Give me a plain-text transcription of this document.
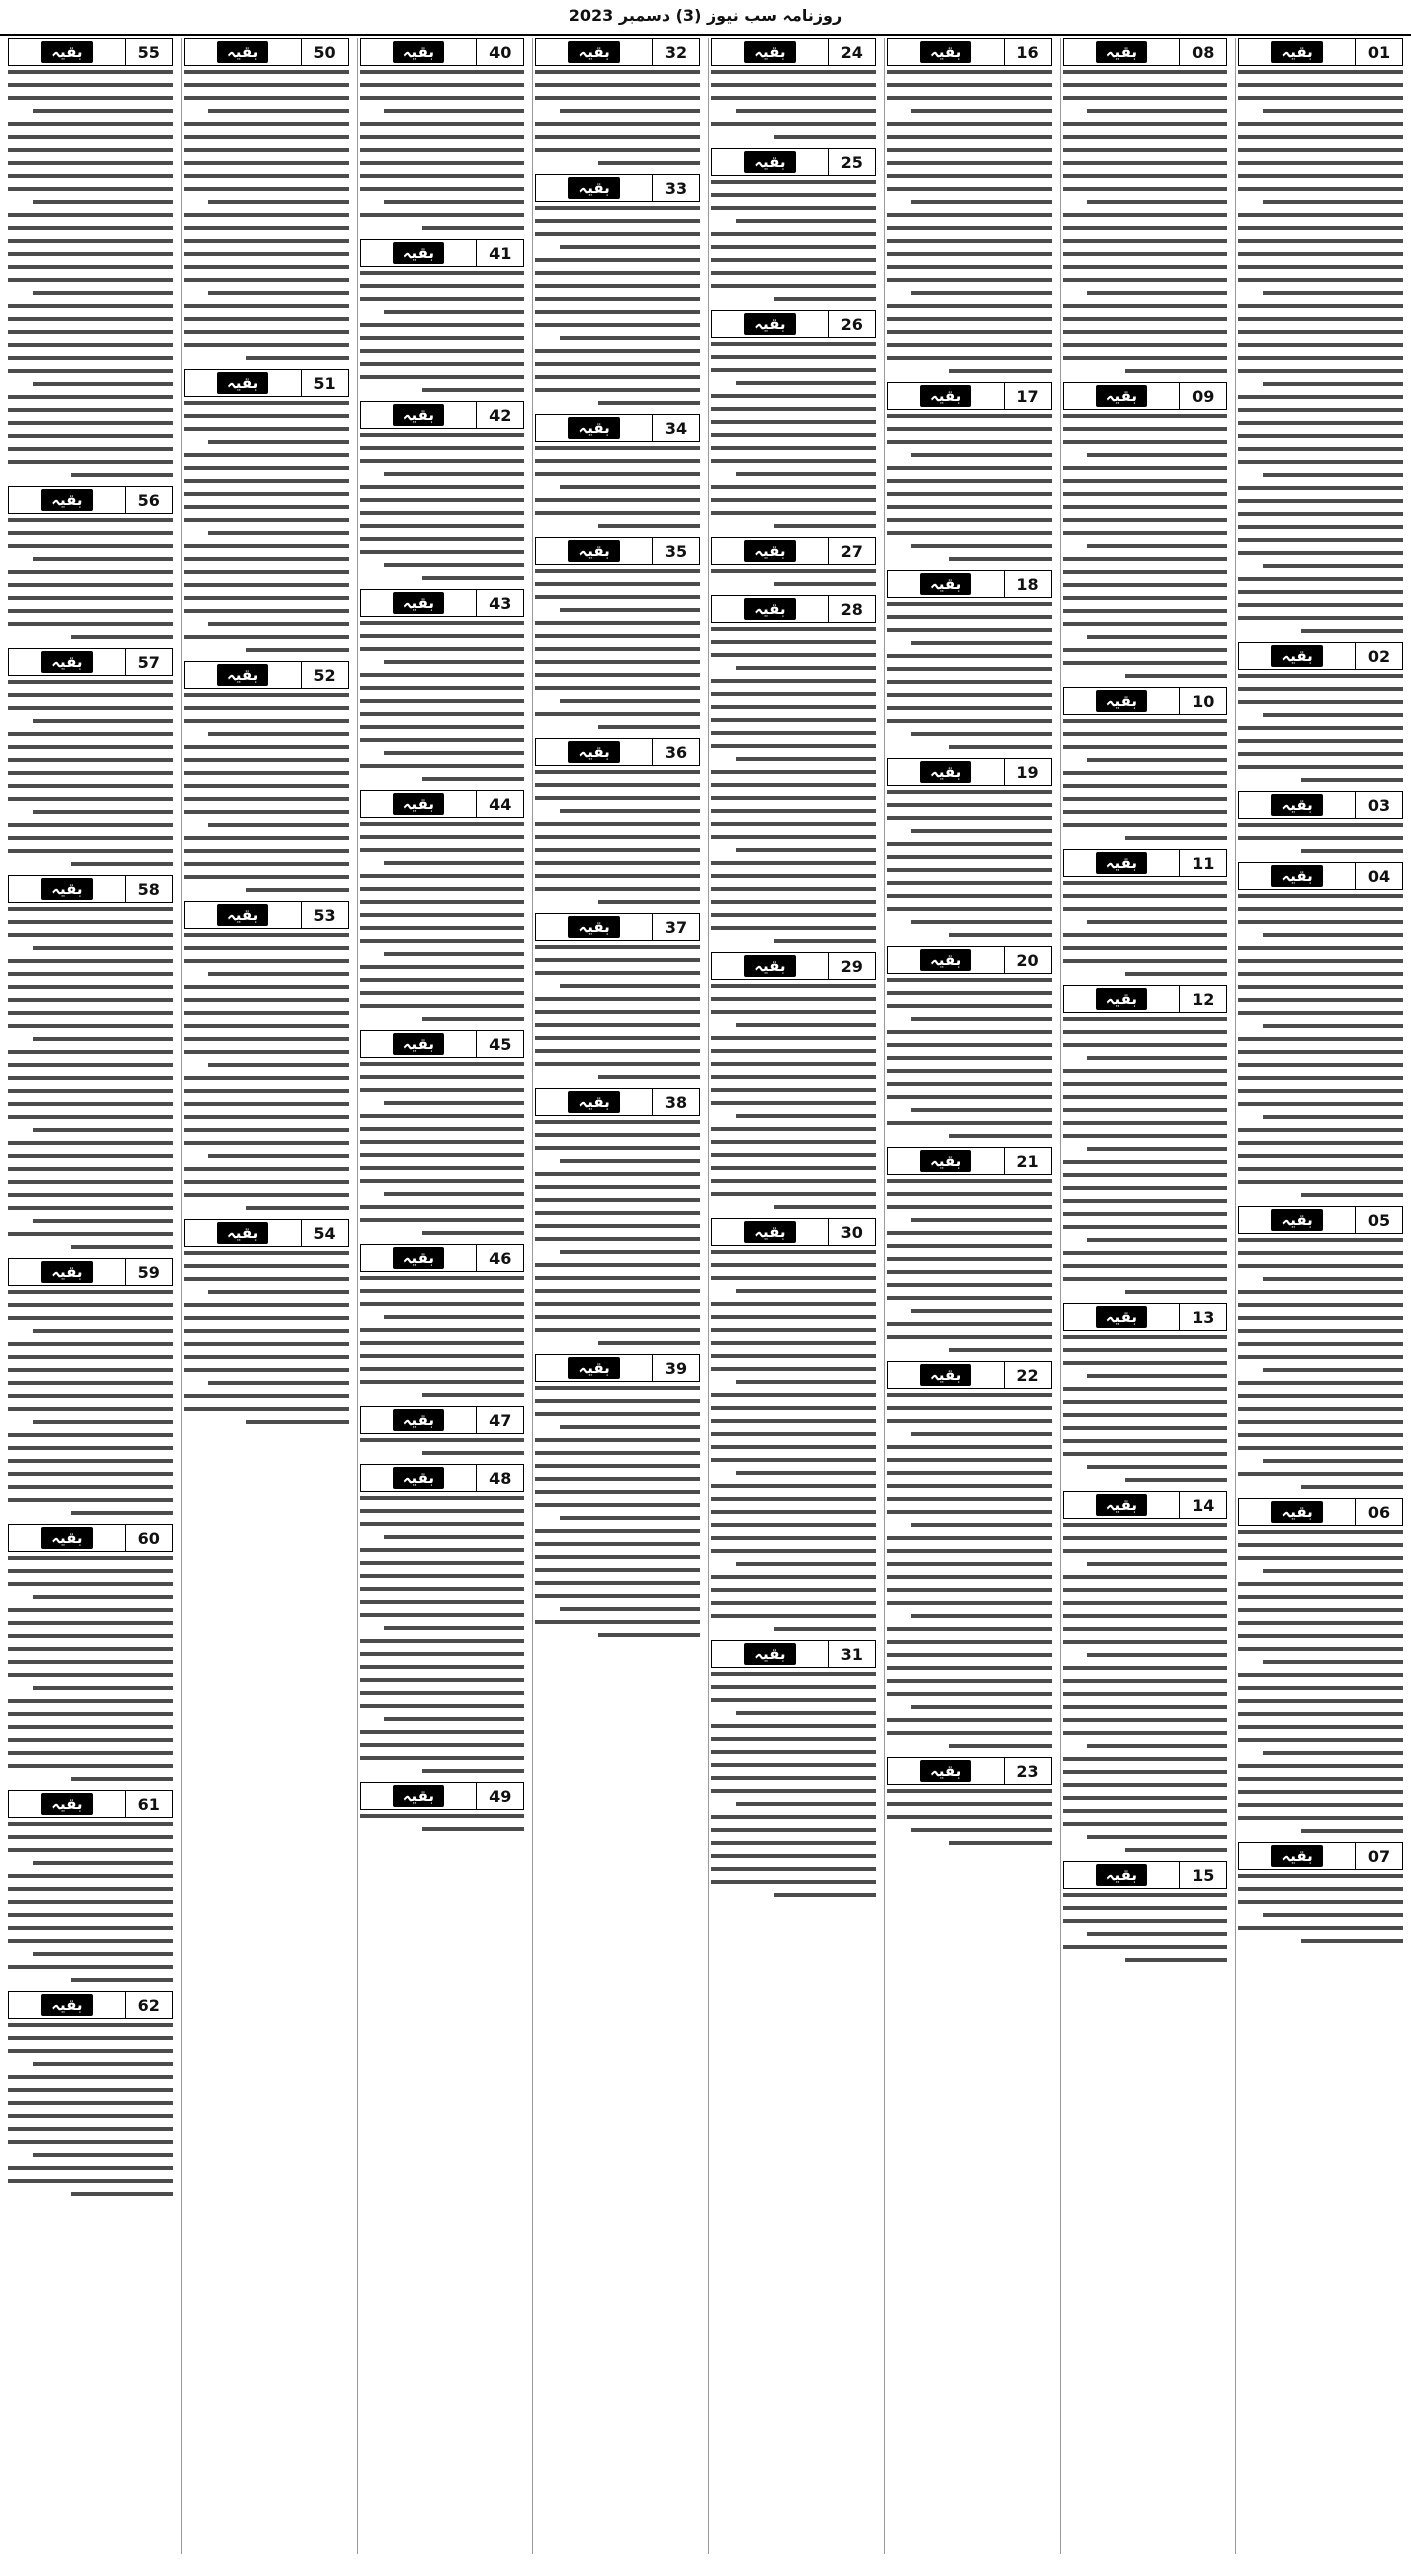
روزنامہ سب نیوز (3) دسمبر 2023
01
بقیہ
02
بقیہ
03
بقیہ
04
بقیہ
05
بقیہ
06
بقیہ
07
بقیہ
08
بقیہ
09
بقیہ
10
بقیہ
11
بقیہ
12
بقیہ
13
بقیہ
14
بقیہ
15
بقیہ
16
بقیہ
17
بقیہ
18
بقیہ
19
بقیہ
20
بقیہ
21
بقیہ
22
بقیہ
23
بقیہ
24
بقیہ
25
بقیہ
26
بقیہ
27
بقیہ
28
بقیہ
29
بقیہ
30
بقیہ
31
بقیہ
32
بقیہ
33
بقیہ
34
بقیہ
35
بقیہ
36
بقیہ
37
بقیہ
38
بقیہ
39
بقیہ
40
بقیہ
41
بقیہ
42
بقیہ
43
بقیہ
44
بقیہ
45
بقیہ
46
بقیہ
47
بقیہ
48
بقیہ
49
بقیہ
50
بقیہ
51
بقیہ
52
بقیہ
53
بقیہ
54
بقیہ
55
بقیہ
56
بقیہ
57
بقیہ
58
بقیہ
59
بقیہ
60
بقیہ
61
بقیہ
62
بقیہ
